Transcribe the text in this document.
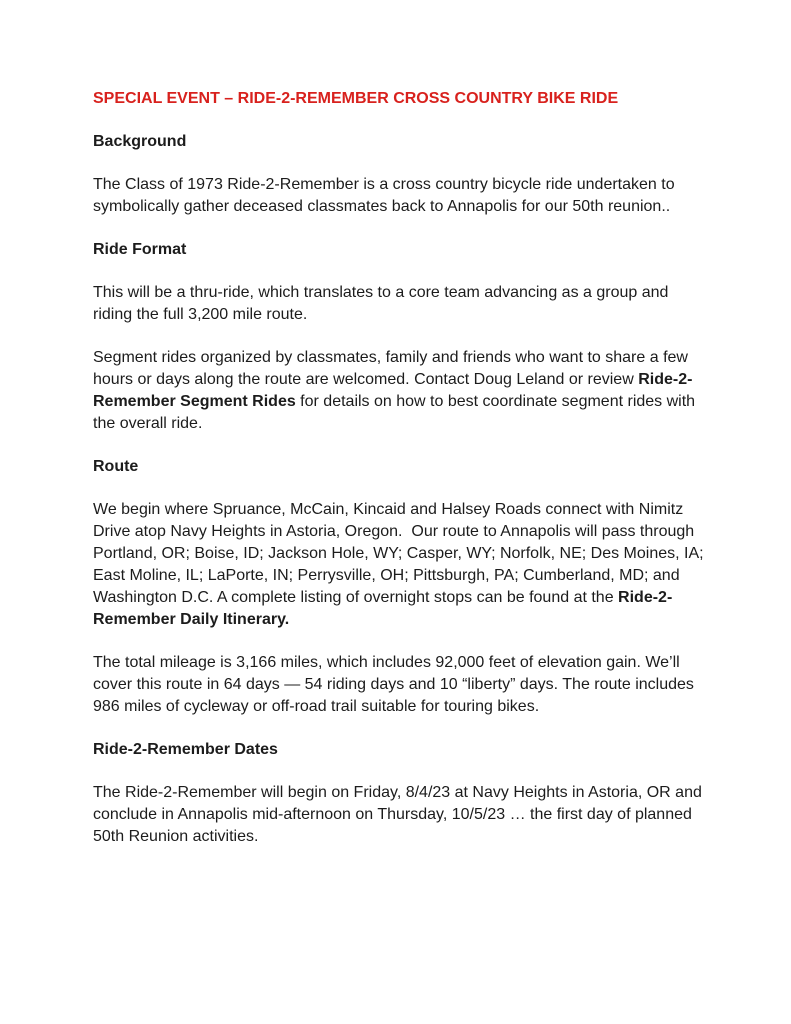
SPECIAL EVENT – RIDE-2-REMEMBER CROSS COUNTRY BIKE RIDE

Background

The Class of 1973 Ride-2-Remember is a cross country bicycle ride undertaken to symbolically gather deceased classmates back to Annapolis for our 50th reunion..

Ride Format

This will be a thru-ride, which translates to a core team advancing as a group and riding the full 3,200 mile route.

Segment rides organized by classmates, family and friends who want to share a few hours or days along the route are welcomed. Contact Doug Leland or review Ride-2-Remember Segment Rides for details on how to best coordinate segment rides with the overall ride.

Route

We begin where Spruance, McCain, Kincaid and Halsey Roads connect with Nimitz Drive atop Navy Heights in Astoria, Oregon.  Our route to Annapolis will pass through Portland, OR; Boise, ID; Jackson Hole, WY; Casper, WY; Norfolk, NE; Des Moines, IA; East Moline, IL; LaPorte, IN; Perrysville, OH; Pittsburgh, PA; Cumberland, MD; and Washington D.C. A complete listing of overnight stops can be found at the Ride-2-Remember Daily Itinerary.

The total mileage is 3,166 miles, which includes 92,000 feet of elevation gain. We’ll cover this route in 64 days — 54 riding days and 10 “liberty” days. The route includes 986 miles of cycleway or off-road trail suitable for touring bikes.

Ride-2-Remember Dates

The Ride-2-Remember will begin on Friday, 8/4/23 at Navy Heights in Astoria, OR and conclude in Annapolis mid-afternoon on Thursday, 10/5/23 … the first day of planned 50th Reunion activities.
